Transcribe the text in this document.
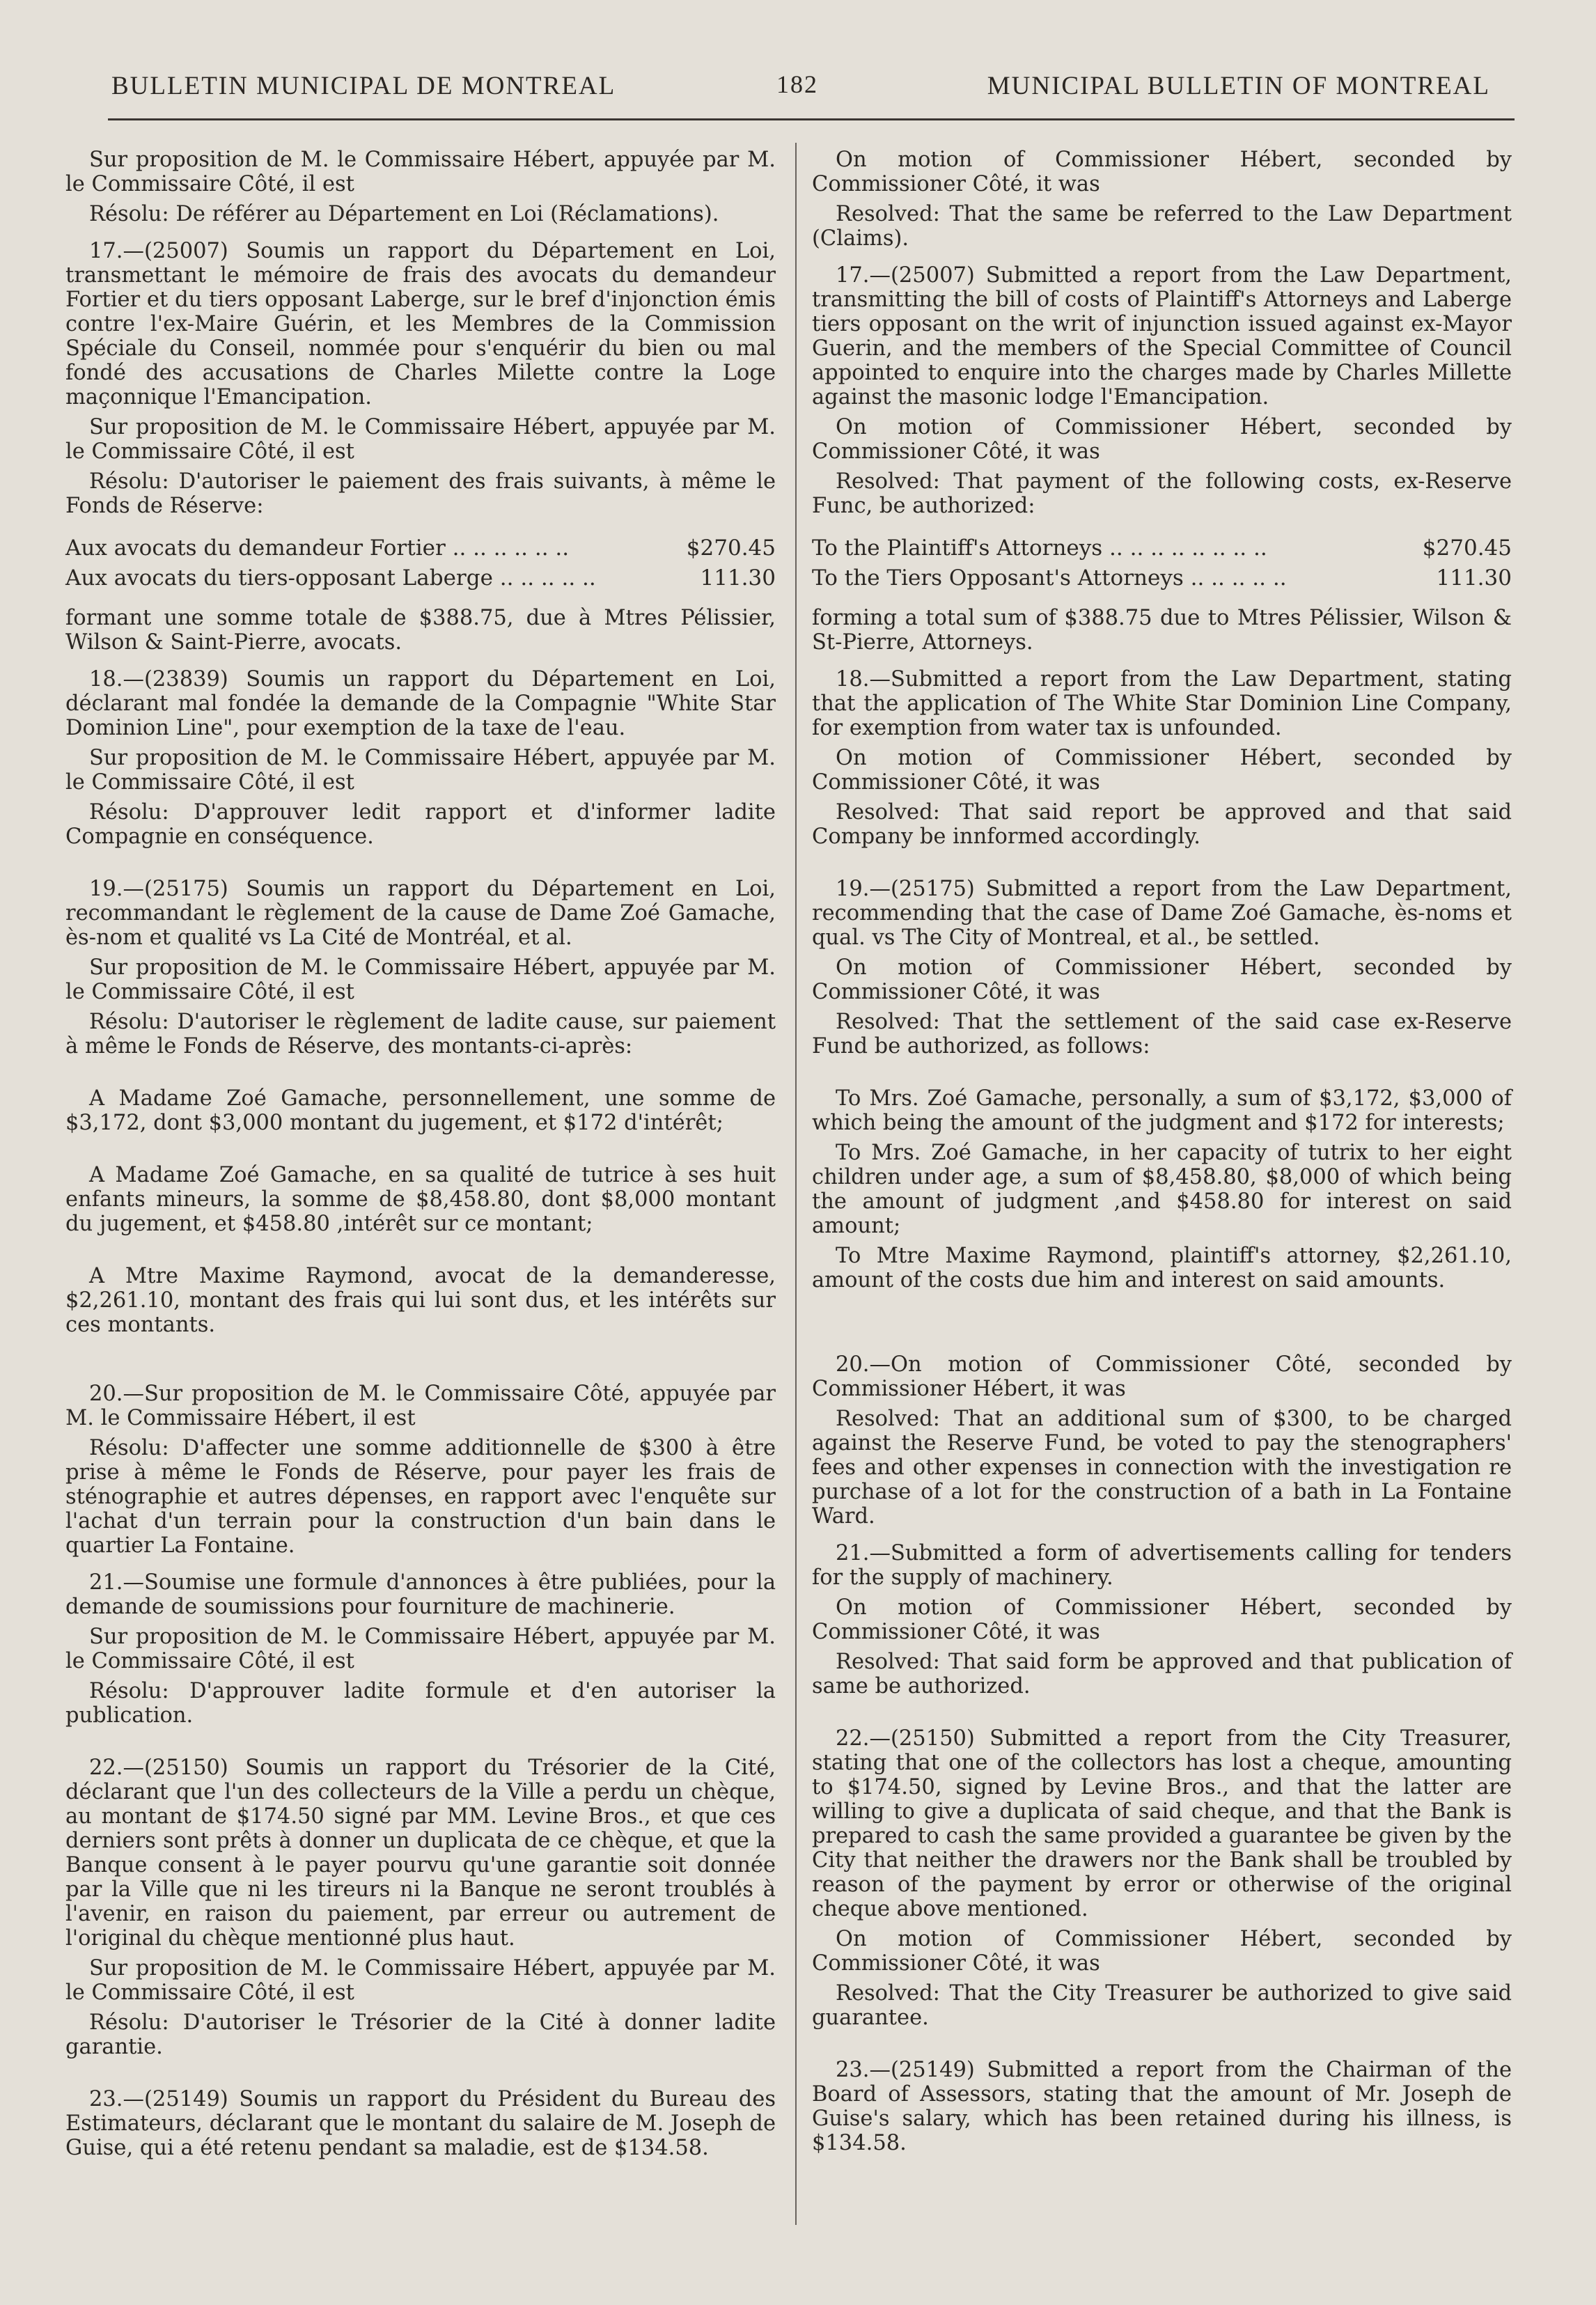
BULLETIN MUNICIPAL DE MONTREAL	182	MUNICIPAL BULLETIN OF MONTREAL

Sur proposition de M. le Commissaire Hébert, appuyée par M. le Commissaire Côté, il est

Résolu: De référer au Département en Loi (Réclamations).

17.—(25007) Soumis un rapport du Département en Loi, transmettant le mémoire de frais des avocats du demandeur Fortier et du tiers opposant Laberge, sur le bref d'injonction émis contre l'ex-Maire Guérin, et les Membres de la Commission Spéciale du Conseil, nommée pour s'enquérir du bien ou mal fondé des accusations de Charles Milette contre la Loge maçonnique l'Emancipation.

Sur proposition de M. le Commissaire Hébert, appuyée par M. le Commissaire Côté, il est

Résolu: D'autoriser le paiement des frais suivants, à même le Fonds de Réserve:

Aux avocats du demandeur Fortier .. .. .. .. .. ..	$270.45
Aux avocats du tiers-opposant Laberge .. .. .. .. ..	111.30

formant une somme totale de $388.75, due à Mtres Pélissier, Wilson & Saint-Pierre, avocats.

18.—(23839) Soumis un rapport du Département en Loi, déclarant mal fondée la demande de la Compagnie "White Star Dominion Line", pour exemption de la taxe de l'eau.

Sur proposition de M. le Commissaire Hébert, appuyée par M. le Commissaire Côté, il est

Résolu: D'approuver ledit rapport et d'informer ladite Compagnie en conséquence.

19.—(25175) Soumis un rapport du Département en Loi, recommandant le règlement de la cause de Dame Zoé Gamache, ès-nom et qualité vs La Cité de Montréal, et al.

Sur proposition de M. le Commissaire Hébert, appuyée par M. le Commissaire Côté, il est

Résolu: D'autoriser le règlement de ladite cause, sur paiement à même le Fonds de Réserve, des montants-ci-après:

A Madame Zoé Gamache, personnellement, une somme de $3,172, dont $3,000 montant du jugement, et $172 d'intérêt;

A Madame Zoé Gamache, en sa qualité de tutrice à ses huit enfants mineurs, la somme de $8,458.80, dont $8,000 montant du jugement, et $458.80 ,intérêt sur ce montant;

A Mtre Maxime Raymond, avocat de la demanderesse, $2,261.10, montant des frais qui lui sont dus, et les intérêts sur ces montants.

20.—Sur proposition de M. le Commissaire Côté, appuyée par M. le Commissaire Hébert, il est

Résolu: D'affecter une somme additionnelle de $300 à être prise à même le Fonds de Réserve, pour payer les frais de sténographie et autres dépenses, en rapport avec l'enquête sur l'achat d'un terrain pour la construction d'un bain dans le quartier La Fontaine.

21.—Soumise une formule d'annonces à être publiées, pour la demande de soumissions pour fourniture de machinerie.

Sur proposition de M. le Commissaire Hébert, appuyée par M. le Commissaire Côté, il est

Résolu: D'approuver ladite formule et d'en autoriser la publication.

22.—(25150) Soumis un rapport du Trésorier de la Cité, déclarant que l'un des collecteurs de la Ville a perdu un chèque, au montant de $174.50 signé par MM. Levine Bros., et que ces derniers sont prêts à donner un duplicata de ce chèque, et que la Banque consent à le payer pourvu qu'une garantie soit donnée par la Ville que ni les tireurs ni la Banque ne seront troublés à l'avenir, en raison du paiement, par erreur ou autrement de l'original du chèque mentionné plus haut.

Sur proposition de M. le Commissaire Hébert, appuyée par M. le Commissaire Côté, il est

Résolu: D'autoriser le Trésorier de la Cité à donner ladite garantie.

23.—(25149) Soumis un rapport du Président du Bureau des Estimateurs, déclarant que le montant du salaire de M. Joseph de Guise, qui a été retenu pendant sa maladie, est de $134.58.

On motion of Commissioner Hébert, seconded by Commissioner Côté, it was

Resolved: That the same be referred to the Law Department (Claims).

17.—(25007) Submitted a report from the Law Department, transmitting the bill of costs of Plaintiff's Attorneys and Laberge tiers opposant on the writ of injunction issued against ex-Mayor Guerin, and the members of the Special Committee of Council appointed to enquire into the charges made by Charles Millette against the masonic lodge l'Emancipation.

On motion of Commissioner Hébert, seconded by Commissioner Côté, it was

Resolved: That payment of the following costs, ex-Reserve Func, be authorized:

To the Plaintiff's Attorneys .. .. .. .. .. .. .. ..	$270.45
To the Tiers Opposant's Attorneys .. .. .. .. ..	111.30

forming a total sum of $388.75 due to Mtres Pélissier, Wilson & St-Pierre, Attorneys.

18.—Submitted a report from the Law Department, stating that the application of The White Star Dominion Line Company, for exemption from water tax is unfounded.

On motion of Commissioner Hébert, seconded by Commissioner Côté, it was

Resolved: That said report be approved and that said Company be innformed accordingly.

19.—(25175) Submitted a report from the Law Department, recommending that the case of Dame Zoé Gamache, ès-noms et qual. vs The City of Montreal, et al., be settled.

On motion of Commissioner Hébert, seconded by Commissioner Côté, it was

Resolved: That the settlement of the said case ex-Reserve Fund be authorized, as follows:

To Mrs. Zoé Gamache, personally, a sum of $3,172, $3,000 of which being the amount of the judgment and $172 for interests;

To Mrs. Zoé Gamache, in her capacity of tutrix to her eight children under age, a sum of $8,458.80, $8,000 of which being the amount of judgment ,and $458.80 for interest on said amount;

To Mtre Maxime Raymond, plaintiff's attorney, $2,261.10, amount of the costs due him and interest on said amounts.

20.—On motion of Commissioner Côté, seconded by Commissioner Hébert, it was

Resolved: That an additional sum of $300, to be charged against the Reserve Fund, be voted to pay the stenographers' fees and other expenses in connection with the investigation re purchase of a lot for the construction of a bath in La Fontaine Ward.

21.—Submitted a form of advertisements calling for tenders for the supply of machinery.

On motion of Commissioner Hébert, seconded by Commissioner Côté, it was

Resolved: That said form be approved and that publication of same be authorized.

22.—(25150) Submitted a report from the City Treasurer, stating that one of the collectors has lost a cheque, amounting to $174.50, signed by Levine Bros., and that the latter are willing to give a duplicata of said cheque, and that the Bank is prepared to cash the same provided a guarantee be given by the City that neither the drawers nor the Bank shall be troubled by reason of the payment by error or otherwise of the original cheque above mentioned.

On motion of Commissioner Hébert, seconded by Commissioner Côté, it was

Resolved: That the City Treasurer be authorized to give said guarantee.

23.—(25149) Submitted a report from the Chairman of the Board of Assessors, stating that the amount of Mr. Joseph de Guise's salary, which has been retained during his illness, is $134.58.
